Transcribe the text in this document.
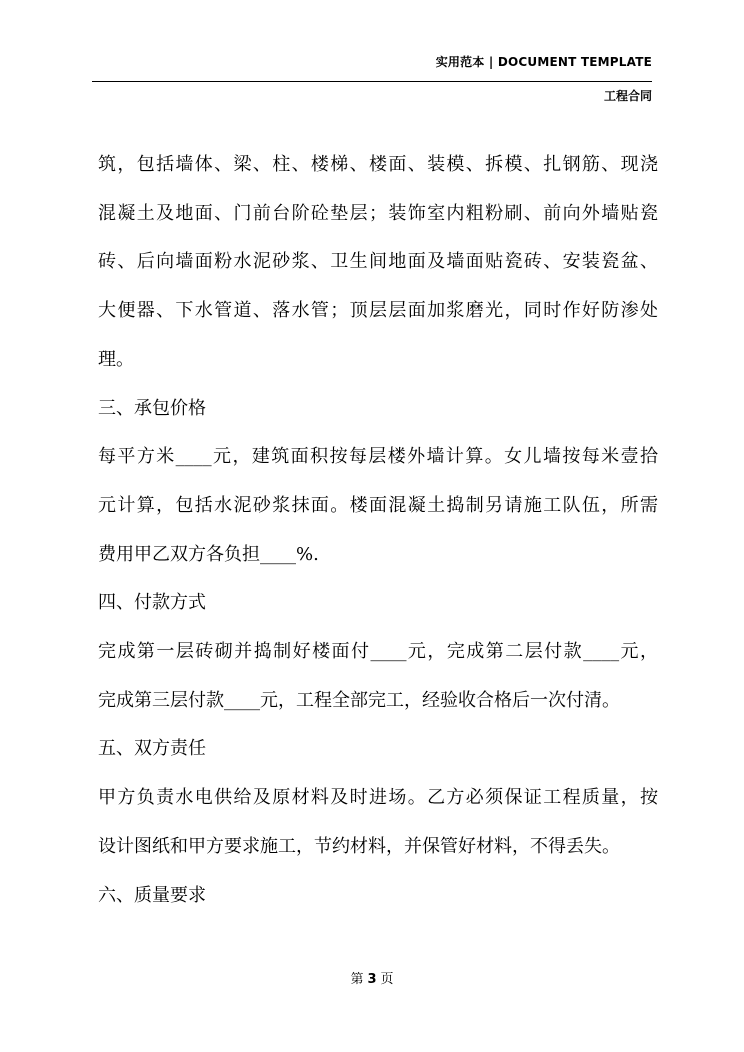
实用范本 | DOCUMENT TEMPLATE
工程合同

筑，包括墙体、梁、柱、楼梯、楼面、装模、拆模、扎钢筋、现浇

混凝土及地面、门前台阶砼垫层；装饰室内粗粉刷、前向外墙贴瓷

砖、后向墙面粉水泥砂浆、卫生间地面及墙面贴瓷砖、安装瓷盆、

大便器、下水管道、落水管；顶层层面加浆磨光，同时作好防渗处

理。

三、承包价格

每平方米____元，建筑面积按每层楼外墙计算。女儿墙按每米壹拾

元计算，包括水泥砂浆抹面。楼面混凝土捣制另请施工队伍，所需

费用甲乙双方各负担____%.

四、付款方式

完成第一层砖砌并捣制好楼面付____元，完成第二层付款____元，

完成第三层付款____元，工程全部完工，经验收合格后一次付清。

五、双方责任

甲方负责水电供给及原材料及时进场。乙方必须保证工程质量，按

设计图纸和甲方要求施工，节约材料，并保管好材料，不得丢失。

六、质量要求

第 3 页
